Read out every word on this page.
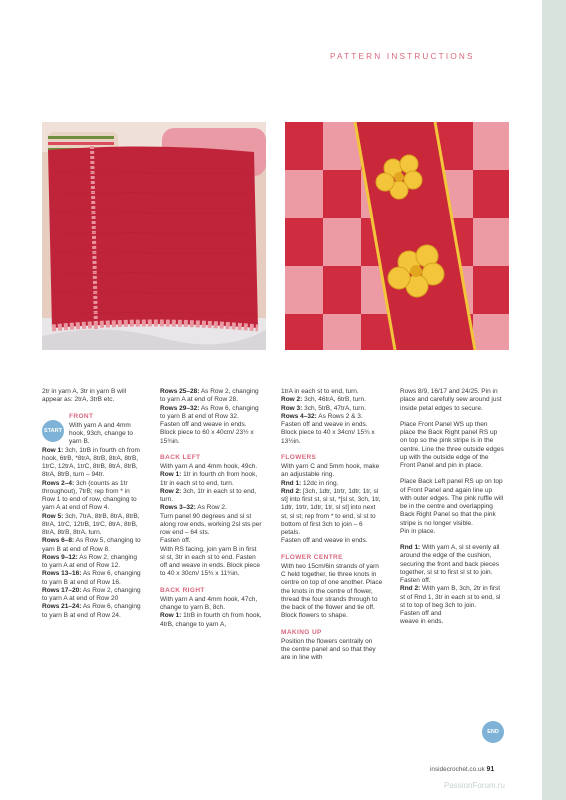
PATTERN INSTRUCTIONS

2tr in yarn A, 3tr in yarn B will appear as: 2trA, 3trB etc.

START

FRONT

With yarn A and 4mm hook, 93ch, change to yarn B.

Row 1: 3ch, 1trB in fourth ch from hook, 6trB, *8trA, 8trB, 8trA, 8trB, 1trC, 12trA, 1trC, 8trB, 8trA, 8trB, 8trA, 8trB, turn – 94tr.

Rows 2–4: 3ch (counts as 1tr throughout), 7trB; rep from * in Row 1 to end of row, changing to yarn A at end of Row 4.

Row 5: 3ch, 7trA, 8trB, 8trA, 8trB, 8trA, 1trC, 12trB, 1trC, 8trA, 8trB, 8trA, 8trB, 8trA, turn.

Rows 6–8: As Row 5, changing to yarn B at end of Row 8.

Rows 9–12: As Row 2, changing to yarn A at end of Row 12.

Rows 13–16: As Row 6, changing to yarn B at end of Row 16.

Rows 17–20: As Row 2, changing to yarn A at end of Row 20

Rows 21–24: As Row 6, changing to yarn B at end of Row 24.

Rows 25–28: As Row 2, changing to yarn A at end of Row 28.

Rows 29–32: As Row 6, changing to yarn B at end of Row 32.

Fasten off and weave in ends. Block piece to 60 x 40cm/ 23½ x 15¾in.

BACK LEFT

With yarn A and 4mm hook, 49ch.

Row 1: 1tr in fourth ch from hook, 1tr in each st to end, turn.

Row 2: 3ch, 1tr in each st to end, turn.

Rows 3–32: As Row 2.

Turn panel 90 degrees and sl st along row ends, working 2sl sts per row end – 64 sts.

Fasten off.

With RS facing, join yarn B in first sl st, 3tr in each st to end. Fasten off and weave in ends. Block piece to 40 x 30cm/ 15¾ x 11¾in.

BACK RIGHT

With yarn A and 4mm hook, 47ch, change to yarn B, 8ch.

Row 1: 1trB in fourth ch from hook, 4trB, change to yarn A,

1trA in each st to end, turn.

Row 2: 3ch, 46trA, 6trB, turn.

Row 3: 3ch, 5trB, 47trA, turn.

Rows 4–32: As Rows 2 & 3.

Fasten off and weave in ends. Block piece to 40 x 34cm/ 15¾ x 13½in.

FLOWERS

With yarn C and 5mm hook, make an adjustable ring.

Rnd 1: 12dc in ring.

Rnd 2: [3ch, 1dtr, 1trtr, 1dtr, 1tr, sl st] into first st, sl st, *[sl st, 3ch, 1tr, 1dtr, 1trtr, 1dtr, 1tr, sl st] into next st, sl st; rep from * to end, sl st to bottom of first 3ch to join – 6 petals.

Fasten off and weave in ends.

FLOWER CENTRE

With two 15cm/6in strands of yarn C held together, tie three knots in centre on top of one another. Place the knots in the centre of flower, thread the four strands through to the back of the flower and tie off. Block flowers to shape.

MAKING UP

Position the flowers centrally on the centre panel and so that they are in line with

Rows 8/9, 16/17 and 24/25. Pin in place and carefully sew around just inside petal edges to secure.

Place Front Panel WS up then place the Back Right panel RS up on top so the pink stripe is in the centre. Line the three outside edges up with the outside edge of the Front Panel and pin in place.

Place Back Left panel RS up on top of Front Panel and again line up with outer edges. The pink ruffle will be in the centre and overlapping Back Right Panel so that the pink stripe is no longer visible.

Pin in place.

Rnd 1: With yarn A, sl st evenly all around the edge of the cushion, securing the front and back pieces together, sl st to first sl st to join.

Fasten off.

Rnd 2: With yarn B, 3ch, 2tr in first st of Rnd 1, 3tr in each st to end, sl st to top of beg 3ch to join.

Fasten off and

weave in ends.

END
insidecrochet.co.uk 91
PassionForum.ru
